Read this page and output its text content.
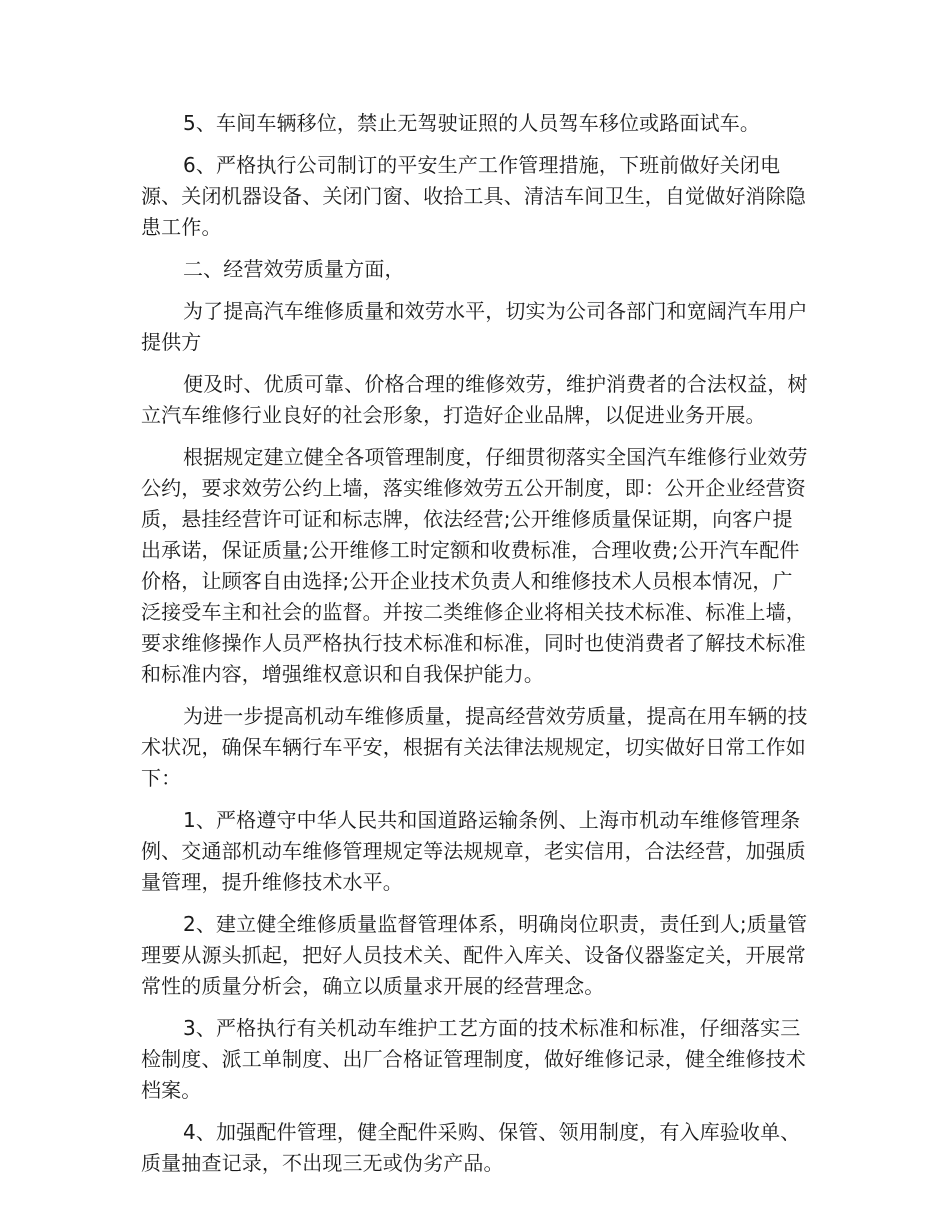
5、车间车辆移位，禁止无驾驶证照的人员驾车移位或路面试车。

6、严格执行公司制订的平安生产工作管理措施，下班前做好关闭电源、关闭机器设备、关闭门窗、收拾工具、清洁车间卫生，自觉做好消除隐患工作。

二、经营效劳质量方面，

为了提高汽车维修质量和效劳水平，切实为公司各部门和宽阔汽车用户提供方

便及时、优质可靠、价格合理的维修效劳，维护消费者的合法权益，树立汽车维修行业良好的社会形象，打造好企业品牌，以促进业务开展。

根据规定建立健全各项管理制度，仔细贯彻落实全国汽车维修行业效劳公约，要求效劳公约上墙，落实维修效劳五公开制度，即：公开企业经营资质，悬挂经营许可证和标志牌，依法经营;公开维修质量保证期，向客户提出承诺，保证质量;公开维修工时定额和收费标准，合理收费;公开汽车配件价格，让顾客自由选择;公开企业技术负责人和维修技术人员根本情况，广泛接受车主和社会的监督。并按二类维修企业将相关技术标准、标准上墙，要求维修操作人员严格执行技术标准和标准，同时也使消费者了解技术标准和标准内容，增强维权意识和自我保护能力。

为进一步提高机动车维修质量，提高经营效劳质量，提高在用车辆的技术状况，确保车辆行车平安，根据有关法律法规规定，切实做好日常工作如下：

1、严格遵守中华人民共和国道路运输条例、上海市机动车维修管理条例、交通部机动车维修管理规定等法规规章，老实信用，合法经营，加强质量管理，提升维修技术水平。

2、建立健全维修质量监督管理体系，明确岗位职责，责任到人;质量管理要从源头抓起，把好人员技术关、配件入库关、设备仪器鉴定关，开展常常性的质量分析会，确立以质量求开展的经营理念。

3、严格执行有关机动车维护工艺方面的技术标准和标准，仔细落实三检制度、派工单制度、出厂合格证管理制度，做好维修记录，健全维修技术档案。

4、加强配件管理，健全配件采购、保管、领用制度，有入库验收单、质量抽查记录，不出现三无或伪劣产品。
